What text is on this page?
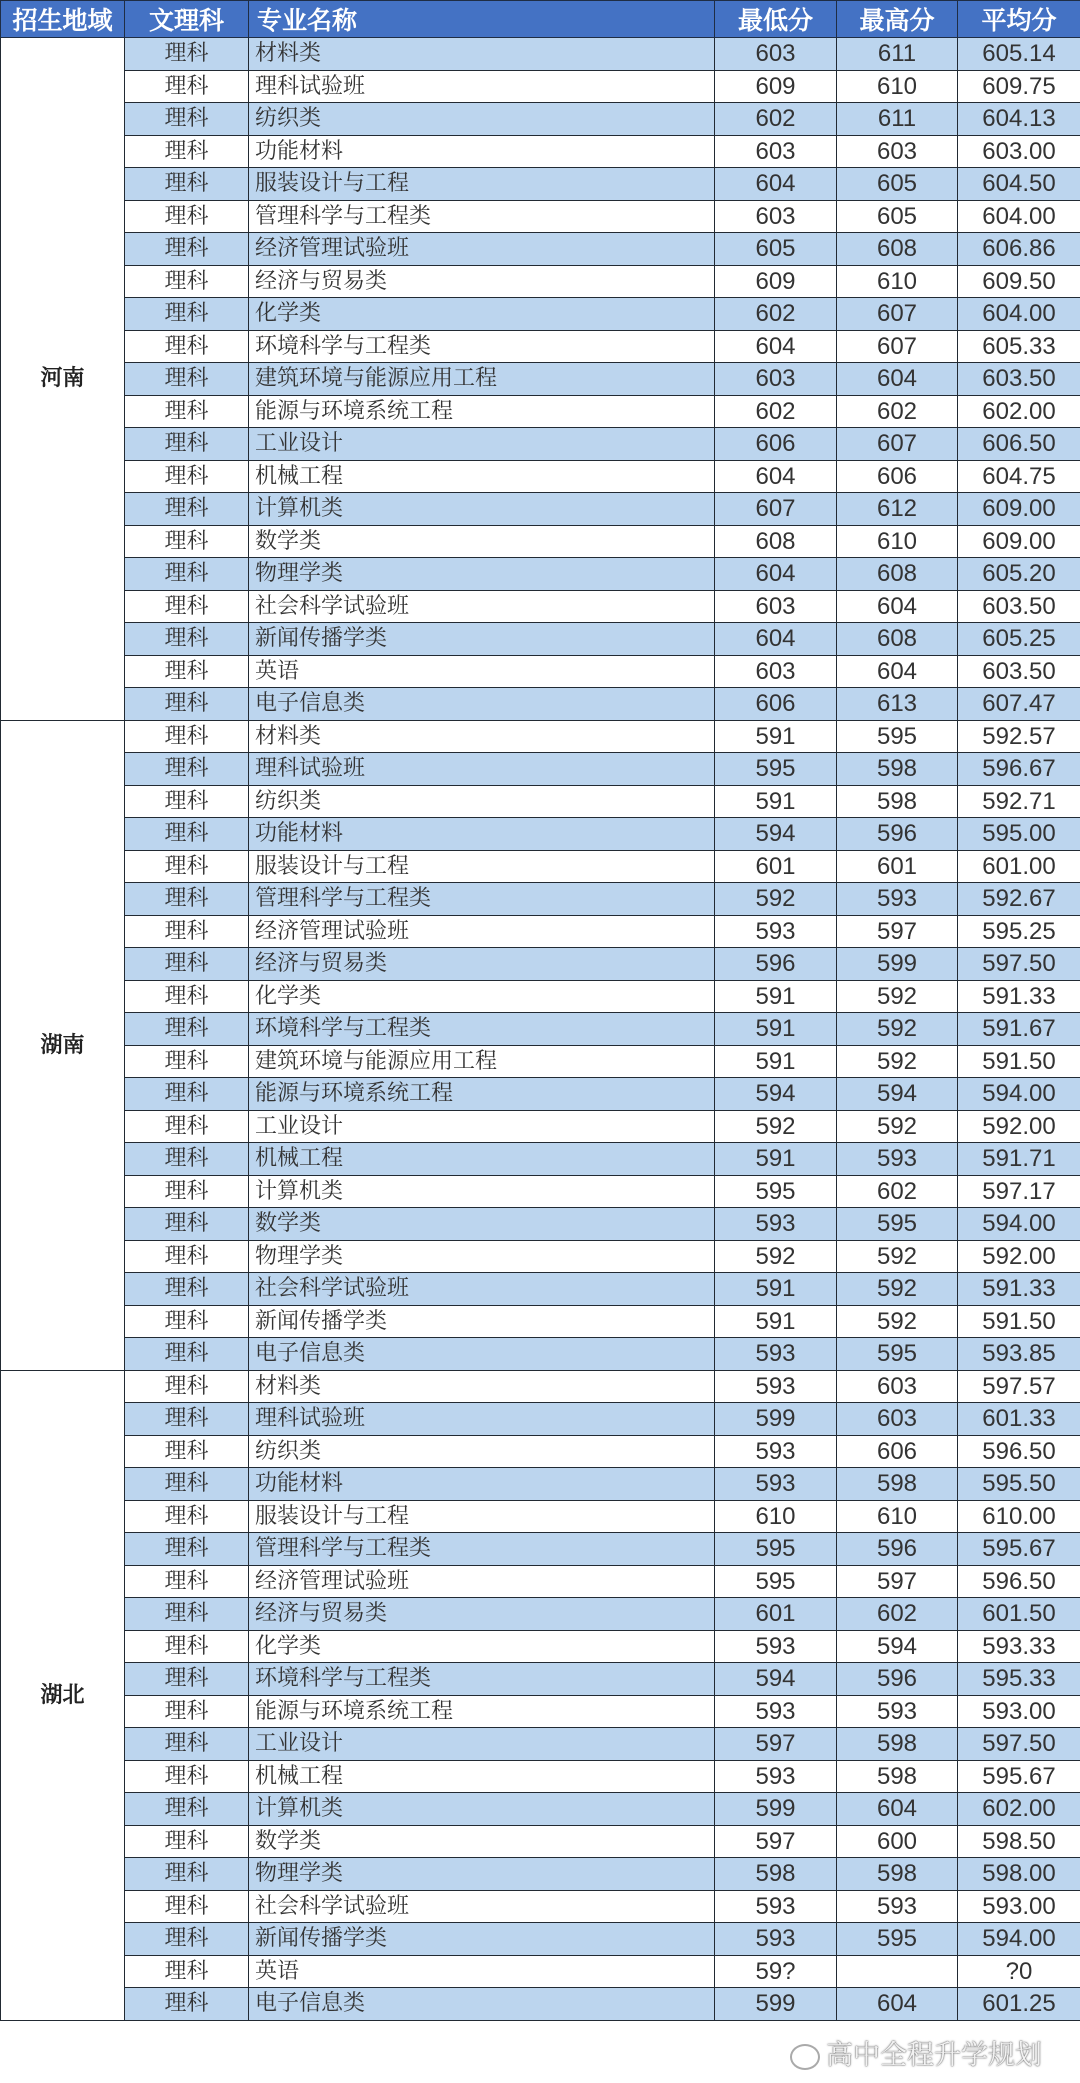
招生地域	文理科	专业名称	最低分	最高分	平均分
河南	理科	材料类	603	611	605.14
	理科	理科试验班	609	610	609.75
	理科	纺织类	602	611	604.13
	理科	功能材料	603	603	603.00
	理科	服装设计与工程	604	605	604.50
	理科	管理科学与工程类	603	605	604.00
	理科	经济管理试验班	605	608	606.86
	理科	经济与贸易类	609	610	609.50
	理科	化学类	602	607	604.00
	理科	环境科学与工程类	604	607	605.33
	理科	建筑环境与能源应用工程	603	604	603.50
	理科	能源与环境系统工程	602	602	602.00
	理科	工业设计	606	607	606.50
	理科	机械工程	604	606	604.75
	理科	计算机类	607	612	609.00
	理科	数学类	608	610	609.00
	理科	物理学类	604	608	605.20
	理科	社会科学试验班	603	604	603.50
	理科	新闻传播学类	604	608	605.25
	理科	英语	603	604	603.50
	理科	电子信息类	606	613	607.47
湖南	理科	材料类	591	595	592.57
	理科	理科试验班	595	598	596.67
	理科	纺织类	591	598	592.71
	理科	功能材料	594	596	595.00
	理科	服装设计与工程	601	601	601.00
	理科	管理科学与工程类	592	593	592.67
	理科	经济管理试验班	593	597	595.25
	理科	经济与贸易类	596	599	597.50
	理科	化学类	591	592	591.33
	理科	环境科学与工程类	591	592	591.67
	理科	建筑环境与能源应用工程	591	592	591.50
	理科	能源与环境系统工程	594	594	594.00
	理科	工业设计	592	592	592.00
	理科	机械工程	591	593	591.71
	理科	计算机类	595	602	597.17
	理科	数学类	593	595	594.00
	理科	物理学类	592	592	592.00
	理科	社会科学试验班	591	592	591.33
	理科	新闻传播学类	591	592	591.50
	理科	电子信息类	593	595	593.85
湖北	理科	材料类	593	603	597.57
	理科	理科试验班	599	603	601.33
	理科	纺织类	593	606	596.50
	理科	功能材料	593	598	595.50
	理科	服装设计与工程	610	610	610.00
	理科	管理科学与工程类	595	596	595.67
	理科	经济管理试验班	595	597	596.50
	理科	经济与贸易类	601	602	601.50
	理科	化学类	593	594	593.33
	理科	环境科学与工程类	594	596	595.33
	理科	能源与环境系统工程	593	593	593.00
	理科	工业设计	597	598	597.50
	理科	机械工程	593	598	595.67
	理科	计算机类	599	604	602.00
	理科	数学类	597	600	598.50
	理科	物理学类	598	598	598.00
	理科	社会科学试验班	593	593	593.00
	理科	新闻传播学类	593	595	594.00
	理科	英语	59?		?0
	理科	电子信息类	599	604	601.25
高中全程升学规划
